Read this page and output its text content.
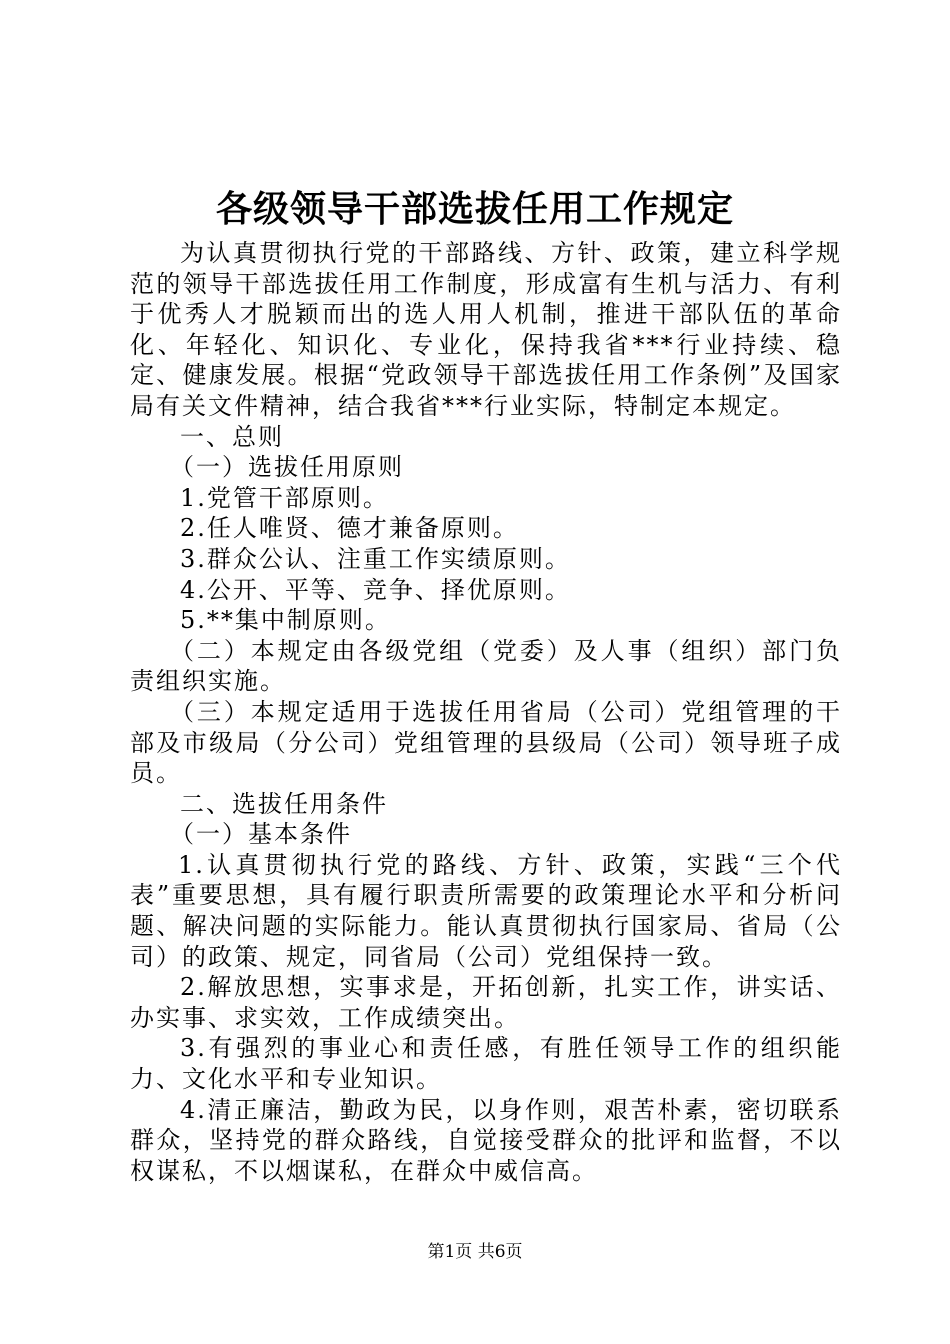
各级领导干部选拔任用工作规定

为认真贯彻执行党的干部路线、方针、政策，建立科学规范的领导干部选拔任用工作制度，形成富有生机与活力、有利于优秀人才脱颖而出的选人用人机制，推进干部队伍的革命化、年轻化、知识化、专业化，保持我省***行业持续、稳定、健康发展。根据“党政领导干部选拔任用工作条例”及国家局有关文件精神，结合我省***行业实际，特制定本规定。

一、总则

（一）选拔任用原则

1.党管干部原则。

2.任人唯贤、德才兼备原则。

3.群众公认、注重工作实绩原则。

4.公开、平等、竞争、择优原则。

5.**集中制原则。

（二）本规定由各级党组（党委）及人事（组织）部门负责组织实施。

（三）本规定适用于选拔任用省局（公司）党组管理的干部及市级局（分公司）党组管理的县级局（公司）领导班子成员。

二、选拔任用条件

（一）基本条件

1.认真贯彻执行党的路线、方针、政策，实践“三个代表”重要思想，具有履行职责所需要的政策理论水平和分析问题、解决问题的实际能力。能认真贯彻执行国家局、省局（公司）的政策、规定，同省局（公司）党组保持一致。

2.解放思想，实事求是，开拓创新，扎实工作，讲实话、办实事、求实效，工作成绩突出。

3.有强烈的事业心和责任感，有胜任领导工作的组织能力、文化水平和专业知识。

4.清正廉洁，勤政为民，以身作则，艰苦朴素，密切联系群众，坚持党的群众路线，自觉接受群众的批评和监督，不以权谋私，不以烟谋私，在群众中威信高。

第1页 共6页
